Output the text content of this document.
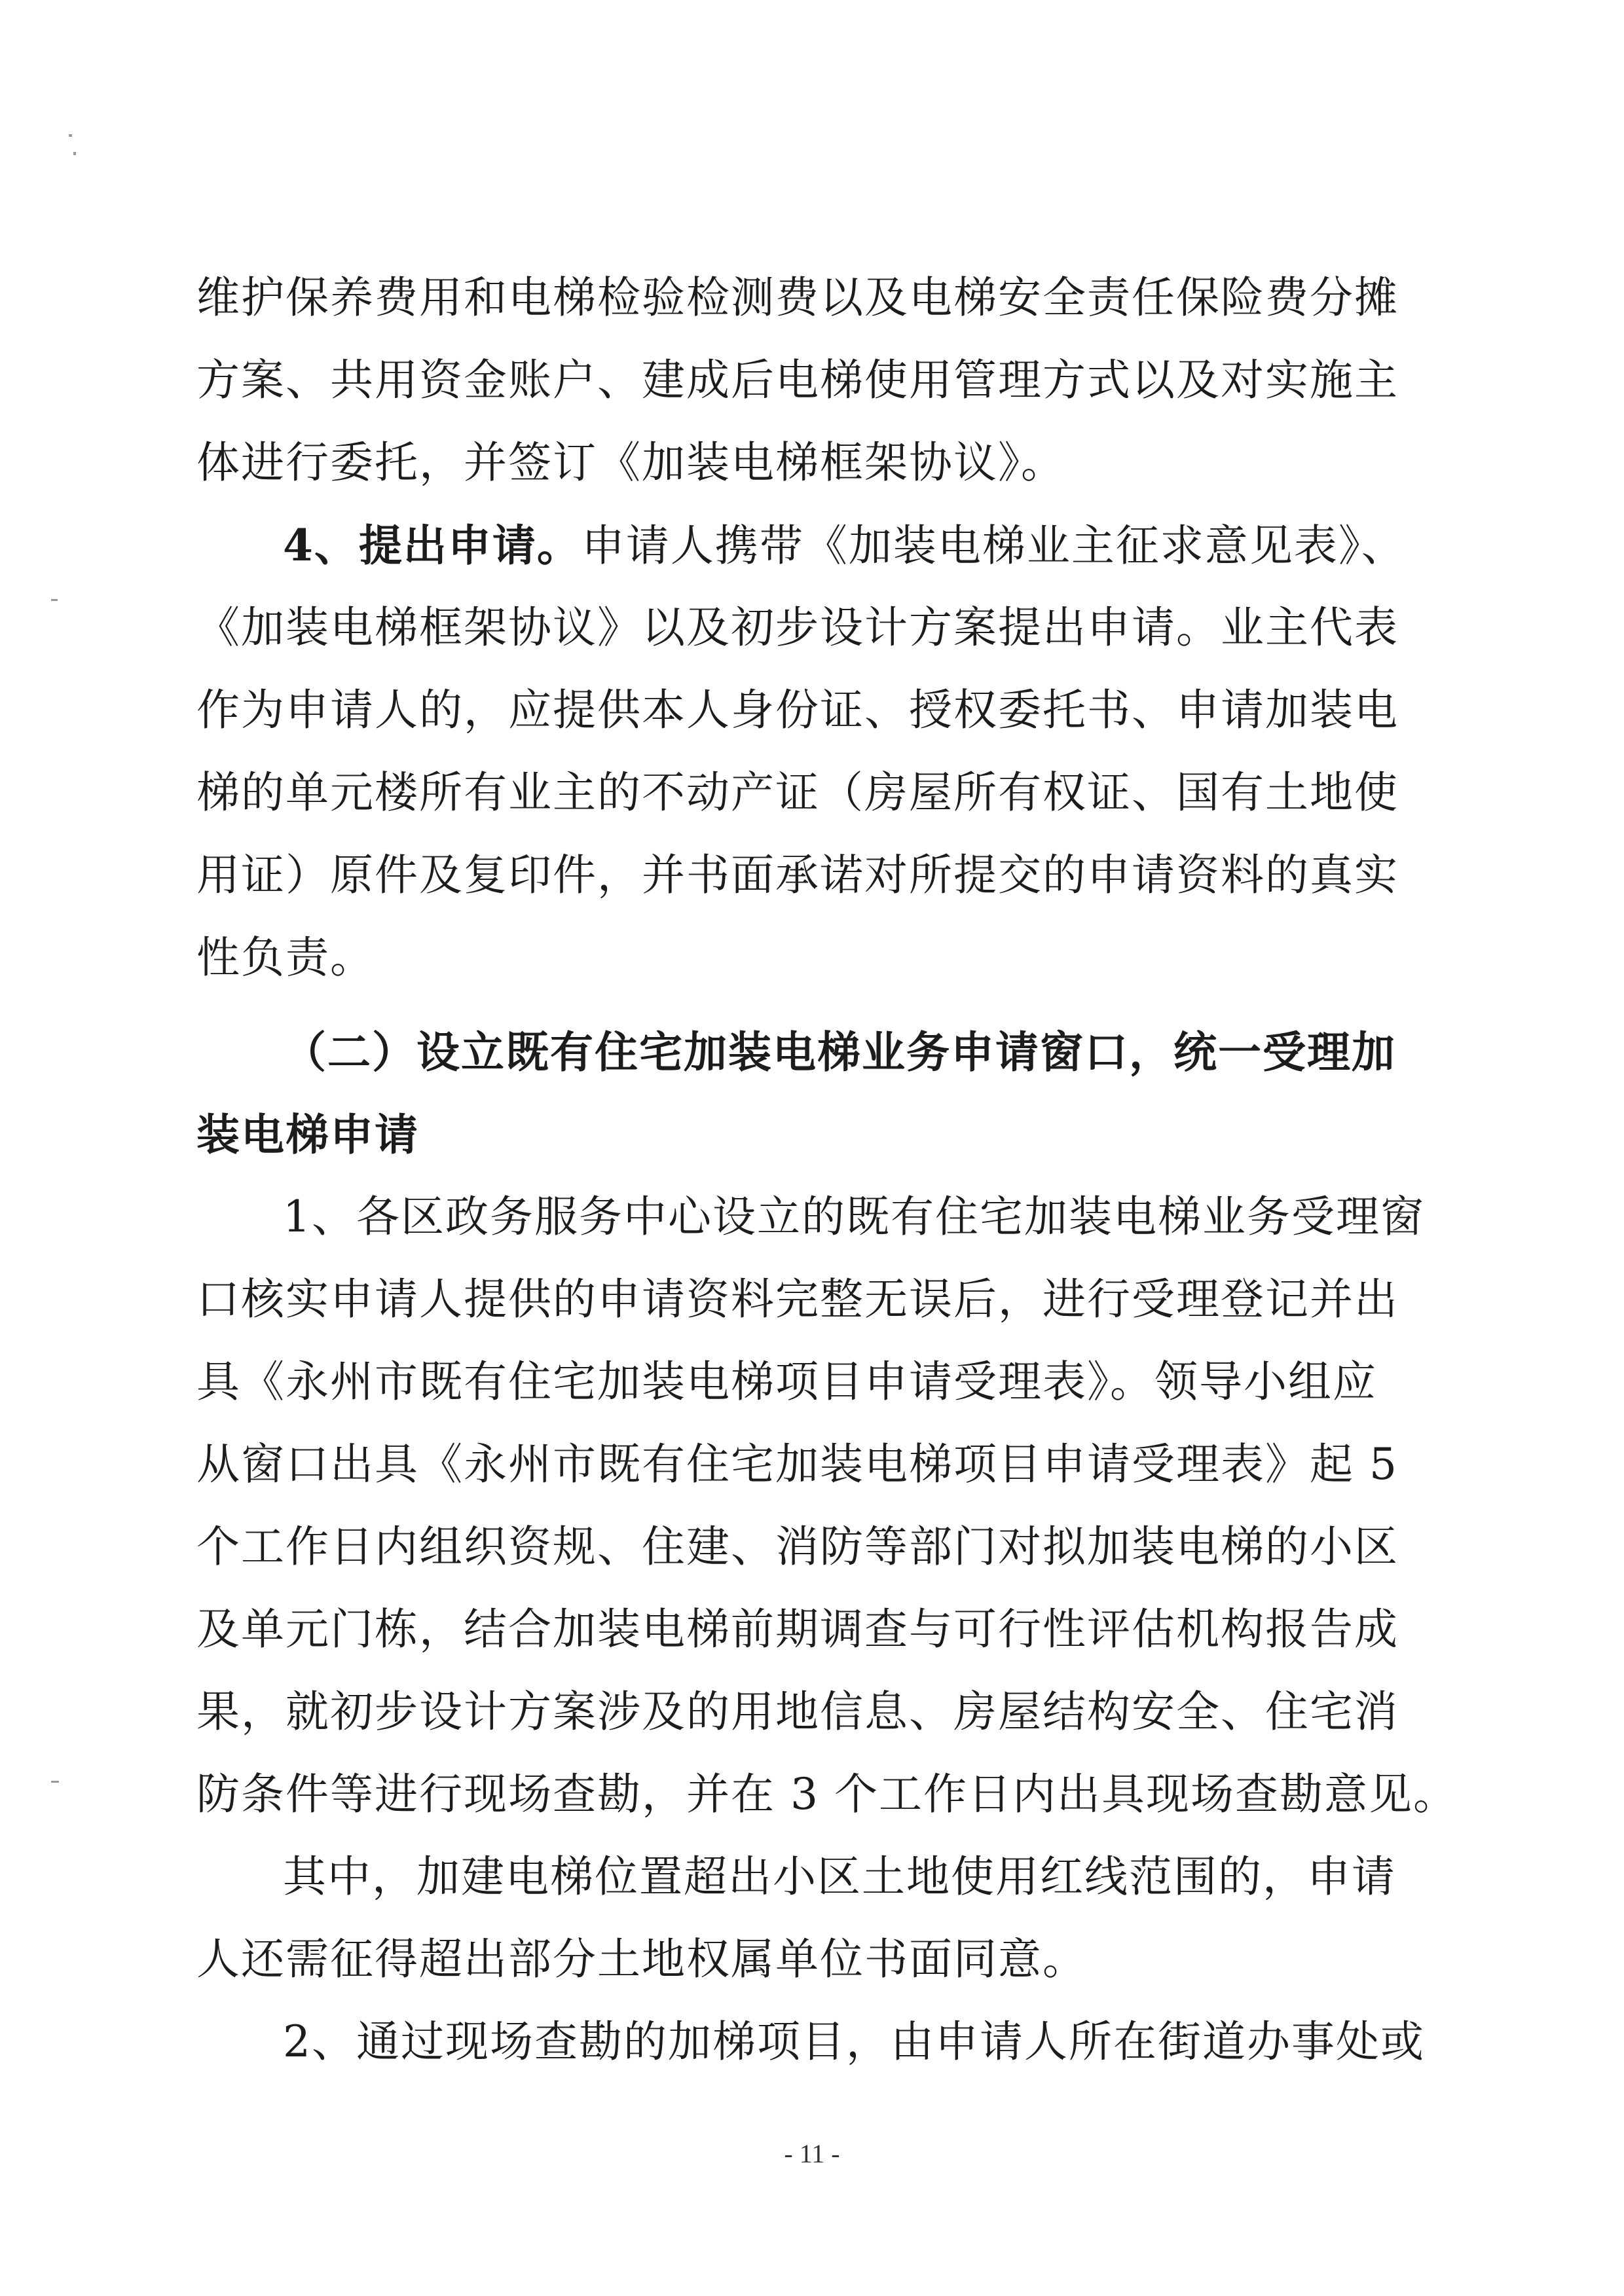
维护保养费用和电梯检验检测费以及电梯安全责任保险费分摊
方案、共用资金账户、建成后电梯使用管理方式以及对实施主
体进行委托，并签订《加装电梯框架协议》。
4、提出申请。申请人携带《加装电梯业主征求意见表》、
《加装电梯框架协议》以及初步设计方案提出申请。业主代表
作为申请人的，应提供本人身份证、授权委托书、申请加装电
梯的单元楼所有业主的不动产证（房屋所有权证、国有土地使
用证）原件及复印件，并书面承诺对所提交的申请资料的真实
性负责。
（二）设立既有住宅加装电梯业务申请窗口，统一受理加
装电梯申请
1、各区政务服务中心设立的既有住宅加装电梯业务受理窗
口核实申请人提供的申请资料完整无误后，进行受理登记并出
具《永州市既有住宅加装电梯项目申请受理表》。领导小组应
从窗口出具《永州市既有住宅加装电梯项目申请受理表》起 5
个工作日内组织资规、住建、消防等部门对拟加装电梯的小区
及单元门栋，结合加装电梯前期调查与可行性评估机构报告成
果，就初步设计方案涉及的用地信息、房屋结构安全、住宅消
防条件等进行现场查勘，并在 3 个工作日内出具现场查勘意见。
其中，加建电梯位置超出小区土地使用红线范围的，申请
人还需征得超出部分土地权属单位书面同意。
2、通过现场查勘的加梯项目，由申请人所在街道办事处或
- 11 -
